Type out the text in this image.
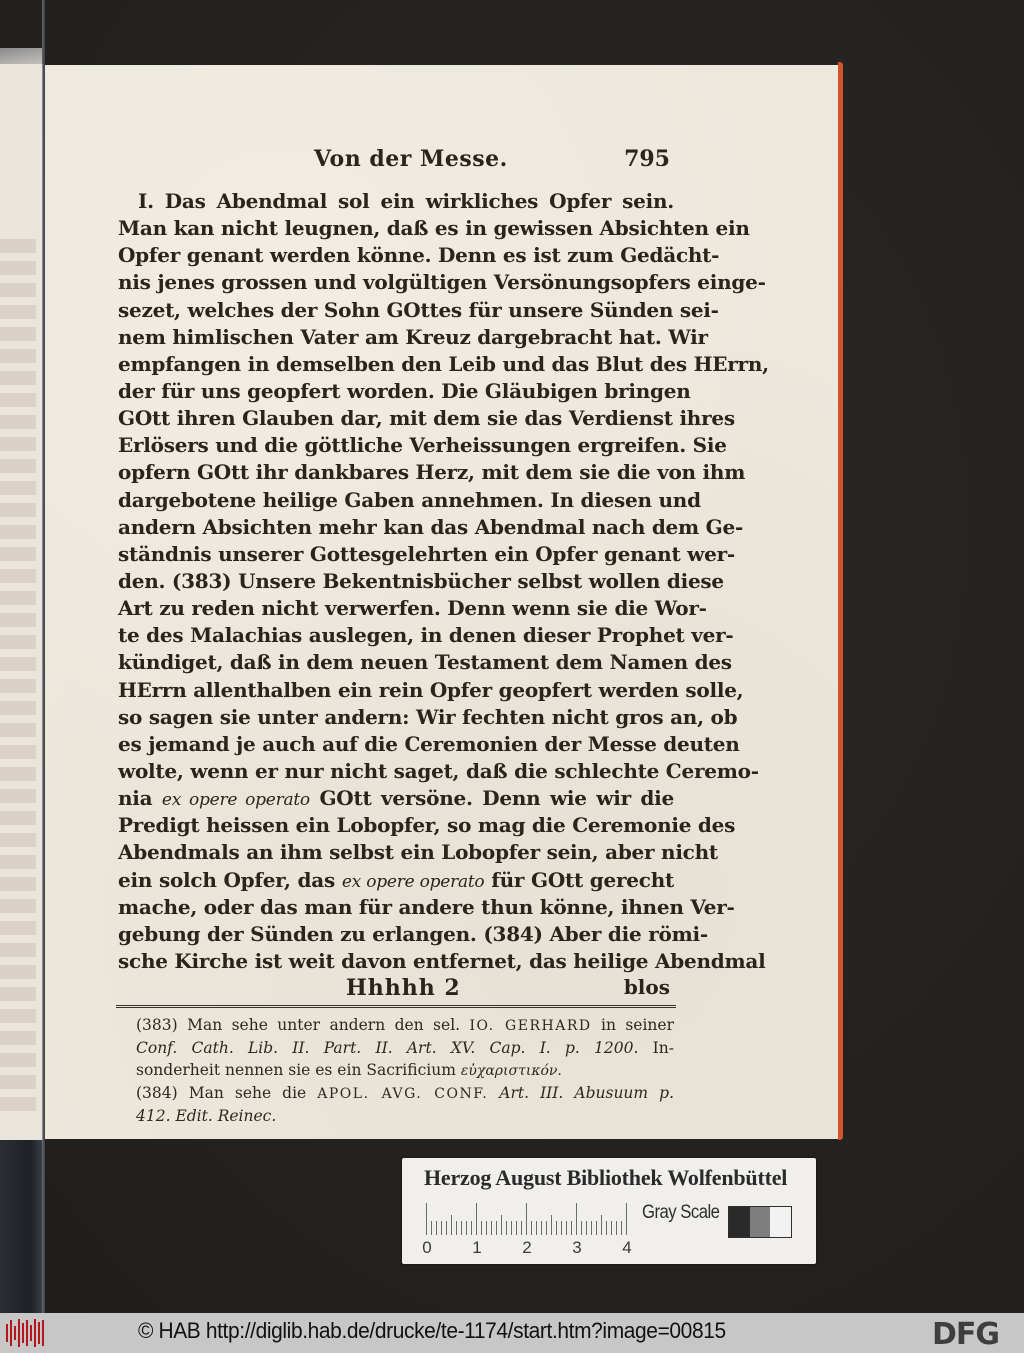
Von der Messe.	795
I. Das Abendmal sol ein wirkliches Opfer sein.
Man kan nicht leugnen, daß es in gewissen Absichten ein
Opfer genant werden könne. Denn es ist zum Gedächt-
nis jenes grossen und volgültigen Versönungsopfers einge-
sezet, welches der Sohn GOttes für unsere Sünden sei-
nem himlischen Vater am Kreuz dargebracht hat. Wir
empfangen in demselben den Leib und das Blut des HErrn,
der für uns geopfert worden. Die Gläubigen bringen
GOtt ihren Glauben dar, mit dem sie das Verdienst ihres
Erlösers und die göttliche Verheissungen ergreifen. Sie
opfern GOtt ihr dankbares Herz, mit dem sie die von ihm
dargebotene heilige Gaben annehmen. In diesen und
andern Absichten mehr kan das Abendmal nach dem Ge-
ständnis unserer Gottesgelehrten ein Opfer genant wer-
den. (383) Unsere Bekentnisbücher selbst wollen diese
Art zu reden nicht verwerfen. Denn wenn sie die Wor-
te des Malachias auslegen, in denen dieser Prophet ver-
kündiget, daß in dem neuen Testament dem Namen des
HErrn allenthalben ein rein Opfer geopfert werden solle,
so sagen sie unter andern: Wir fechten nicht gros an, ob
es jemand je auch auf die Ceremonien der Messe deuten
wolte, wenn er nur nicht saget, daß die schlechte Ceremo-
nia ex opere operato GOtt versöne. Denn wie wir die
Predigt heissen ein Lobopfer, so mag die Ceremonie des
Abendmals an ihm selbst ein Lobopfer sein, aber nicht
ein solch Opfer, das ex opere operato für GOtt gerecht
mache, oder das man für andere thun könne, ihnen Ver-
gebung der Sünden zu erlangen. (384) Aber die römi-
sche Kirche ist weit davon entfernet, das heilige Abendmal
Hhhhh 2	blos
(383) Man sehe unter andern den sel. IO. GERHARD in seiner
Conf. Cath. Lib. II. Part. II. Art. XV. Cap. I. p. 1200. In-
sonderheit nennen sie es ein Sacrificium εὐχαριστικόν.
(384) Man sehe die APOL. AVG. CONF. Art. III. Abusuum p.
412. Edit. Reinec.
Herzog August Bibliothek Wolfenbüttel
0 1 2 3 4
Gray Scale
© HAB http://diglib.hab.de/drucke/te-1174/start.htm?image=00815	DFG
